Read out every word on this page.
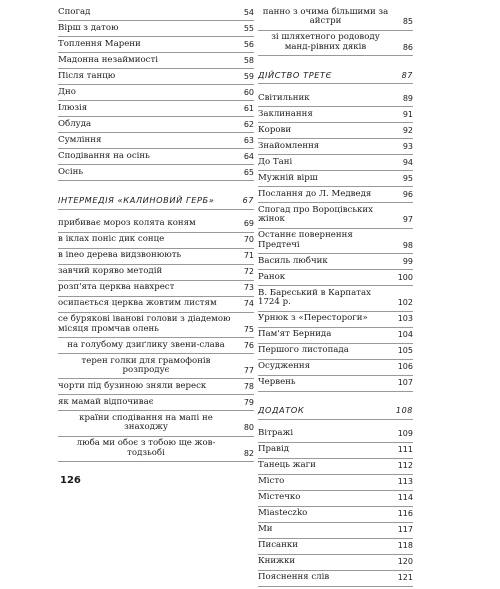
Спогад	54
Вірш з датою	55
Топлення Марени	56
Мадонна незаймиості	58
Після танцю	59
Дно	60
Ілюзія	61
Облуда	62
Сумління	63
Сподівання на осінь	64
Осінь	65
ІНТЕРМЕДІЯ «КАЛИНОВИЙ ГЕРБ»	67
прибиває мороз колята коням	69
в іклах поніс дик сонце	70
в inеo дерева видзвонюють	71
завчий корявo методій	72
розп'ята церква навхрест	73
осипається церква жовтим листям	74
се бурякові іванові голови з діадемою місяця промчав олень	75
на голубому дзиґлику звени-слава	76
терен голки для грамофонів розпродує	77
чорти під бузиною зняли вереск	78
як мамай відпочиває	79
країни сподівання на мапі не знаходжу	80
люба ми обоє з тобою ще жов-тодзьобі	82
панно з очима більшими за айстри	85
зі шляхетного родоводу манд-рівних дяків	86
ДІЙСТВО ТРЕТЄ	87
Світильник	89
Заклинання	91
Корови	92
Знайомлення	93
До Тані	94
Мужній вірш	95
Послання до Л. Медведя	96
Спогад про Вороцівських жінок	97
Останнє повернення Предтечі	98
Василь любчик	99
Ранок	100
В. Барєський в Карпатах 1724 р.	102
Урнюк з «Перестороги»	103
Пам'ят Бернида	104
Першого листопада	105
Осудження	106
Червень	107
ДОДАТОК	108
Вітражі	109
Правід	111
Танець жаги	112
Місто	113
Містечко	114
Miasteczko	116
Ми	117
Писанки	118
Книжки	120
Пояснення слів	121
126
